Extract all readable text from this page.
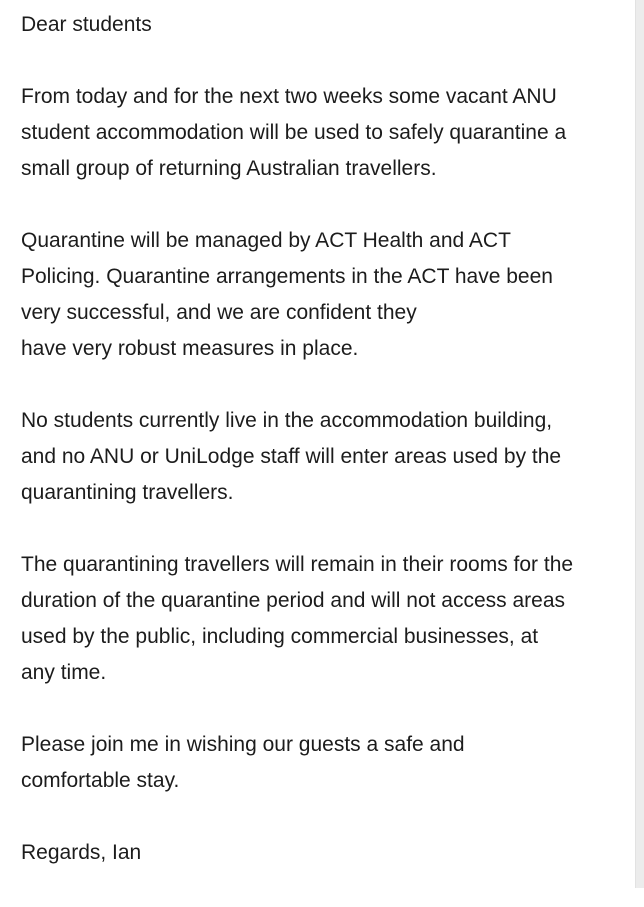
Dear students

From today and for the next two weeks some vacant ANU
student accommodation will be used to safely quarantine a
small group of returning Australian travellers.

Quarantine will be managed by ACT Health and ACT
Policing. Quarantine arrangements in the ACT have been
very successful, and we are confident they
have very robust measures in place.

No students currently live in the accommodation building,
and no ANU or UniLodge staff will enter areas used by the
quarantining travellers.

The quarantining travellers will remain in their rooms for the
duration of the quarantine period and will not access areas
used by the public, including commercial businesses, at
any time.

Please join me in wishing our guests a safe and
comfortable stay.

Regards, Ian
